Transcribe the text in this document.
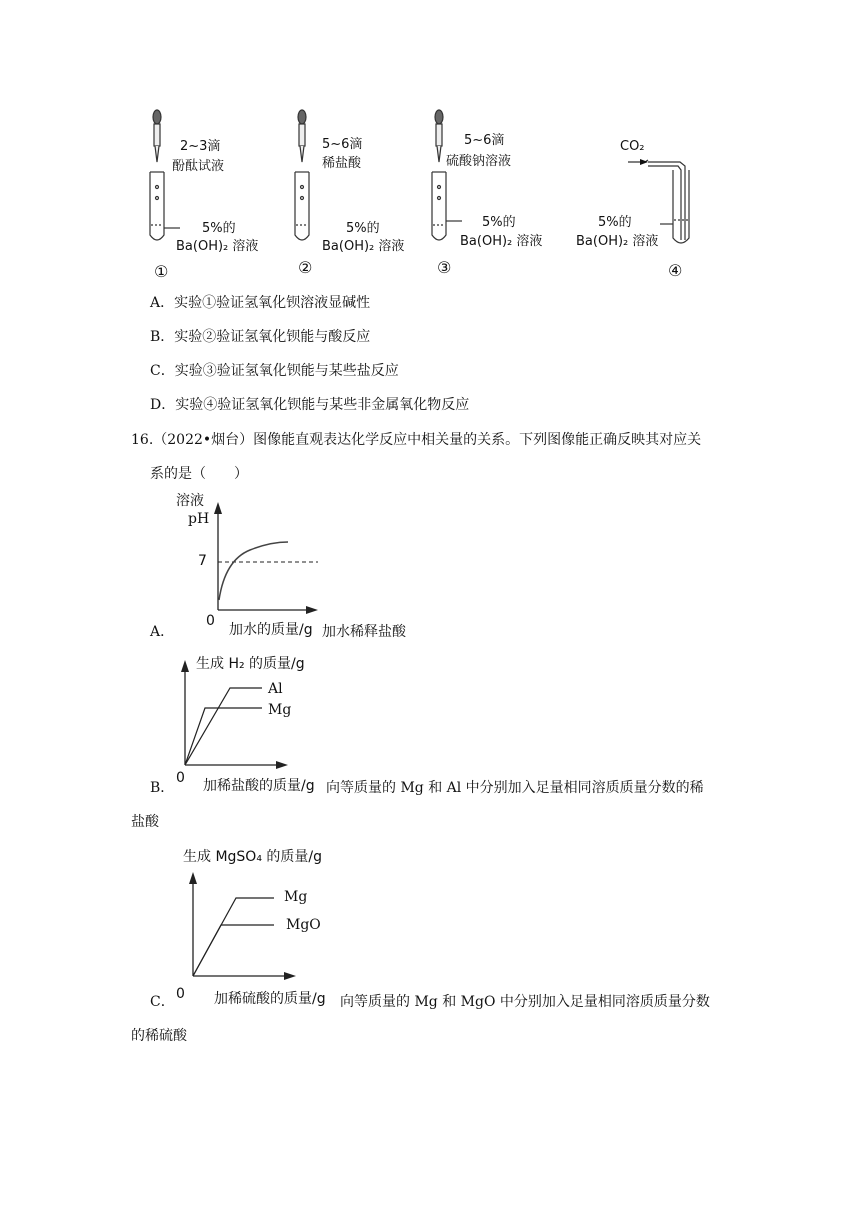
2~3滴
酚酞试液
5%的
Ba(OH)₂ 溶液
①
5~6滴
稀盐酸
5%的
Ba(OH)₂ 溶液
②
5~6滴
硫酸钠溶液
5%的
Ba(OH)₂ 溶液
③
CO₂
5%的
Ba(OH)₂ 溶液
④
A．实验①验证氢氧化钡溶液显碱性
B．实验②验证氢氧化钡能与酸反应
C．实验③验证氢氧化钡能与某些盐反应
D．实验④验证氢氧化钡能与某些非金属氧化物反应
16.（2022•烟台）图像能直观表达化学反应中相关量的关系。下列图像能正确反映其对应关
系的是（　　）
溶液
pH
7
0
A．	加水的质量/g 加水稀释盐酸
生成 H₂ 的质量/g
Al
Mg
0
B． 加稀盐酸的质量/g 向等质量的 Mg 和 Al 中分别加入足量相同溶质质量分数的稀
盐酸
生成 MgSO₄ 的质量/g
Mg
MgO
0
C．	加稀硫酸的质量/g 向等质量的 Mg 和 MgO 中分别加入足量相同溶质质量分数
的稀硫酸
